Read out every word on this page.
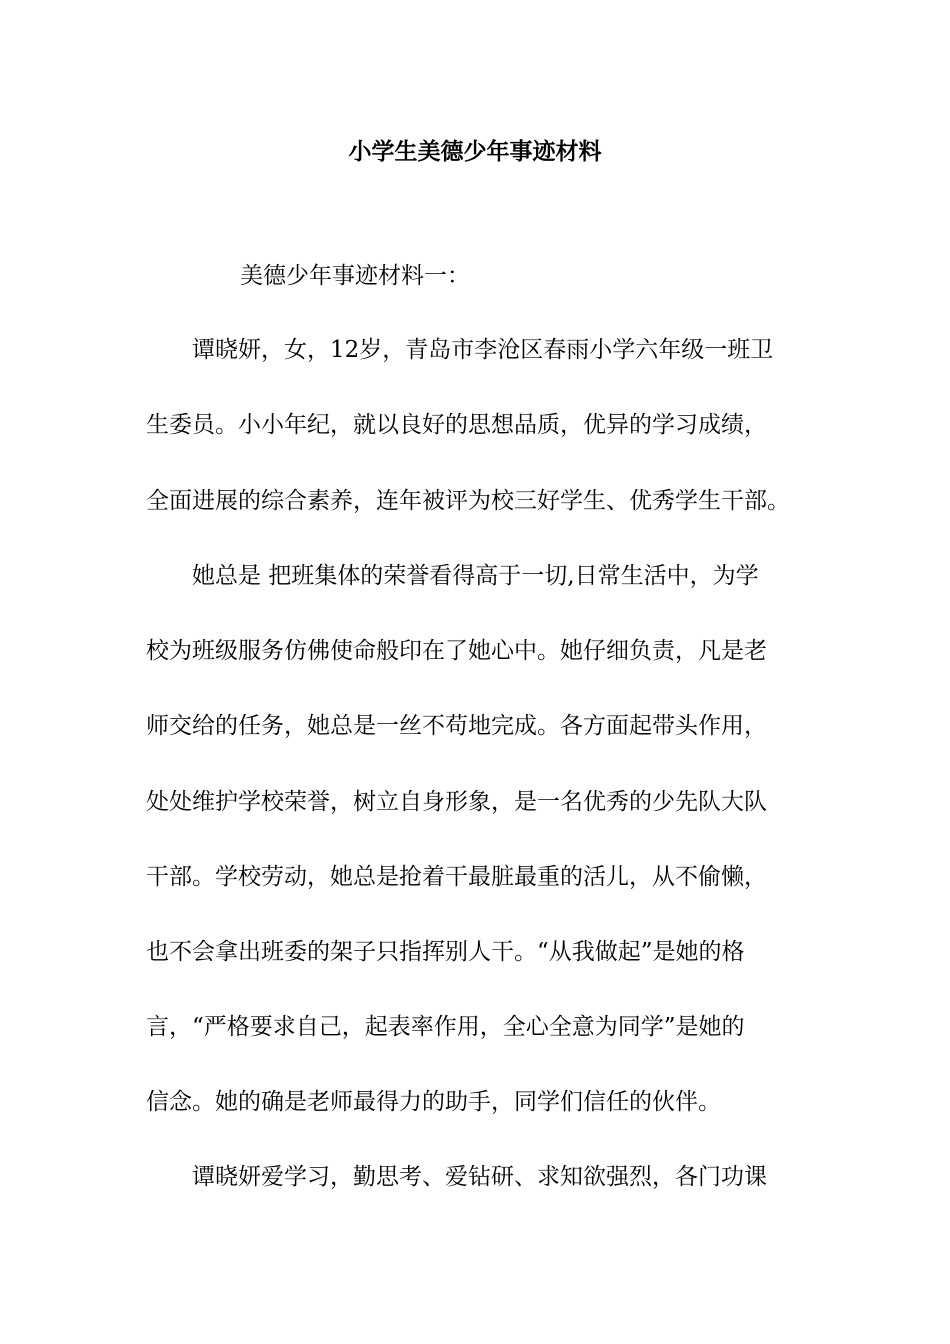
小学生美德少年事迹材料

美德少年事迹材料一：

谭晓妍，女，12岁，青岛市李沧区春雨小学六年级一班卫

生委员。小小年纪，就以良好的思想品质，优异的学习成绩，

全面进展的综合素养，连年被评为校三好学生、优秀学生干部。

她总是 把班集体的荣誉看得高于一切,日常生活中，为学

校为班级服务仿佛使命般印在了她心中。她仔细负责，凡是老

师交给的任务，她总是一丝不苟地完成。各方面起带头作用，

处处维护学校荣誉，树立自身形象，是一名优秀的少先队大队

干部。学校劳动，她总是抢着干最脏最重的活儿，从不偷懒，

也不会拿出班委的架子只指挥别人干。“从我做起”是她的格

言，“严格要求自己，起表率作用，全心全意为同学”是她的

信念。她的确是老师最得力的助手，同学们信任的伙伴。

谭晓妍爱学习，勤思考、爱钻研、求知欲强烈，各门功课
